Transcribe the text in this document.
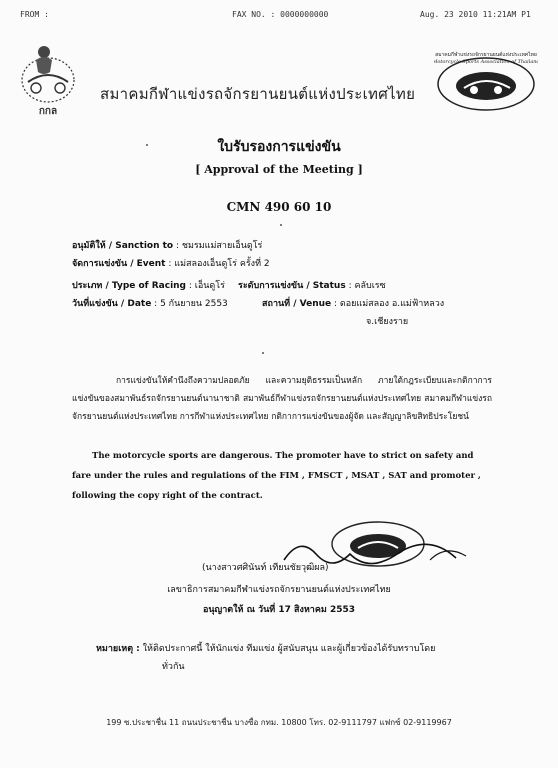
FROM :	FAX NO. : 0000000000	Aug. 23 2010 11:21AM P1
กกล
สมาคมกีฬาแข่งรถจักรยานยนต์แห่งประเทศไทย
Motorcycle Sports Association of Thailand
สมาคมกีฬาแข่งรถจักรยานยนต์แห่งประเทศไทย
ใบรับรองการแข่งขัน
[ Approval of the Meeting ]
CMN 490 60 10
อนุมัติให้ / Sanction to : ชมรมแม่สายเอ็นดูโร่
จัดการแข่งขัน / Event : แม่สลองเอ็นดูโร่ ครั้งที่ 2
ประเภท / Type of Racing : เอ็นดูโร่ ระดับการแข่งขัน / Status : คลับเรซ
วันที่แข่งขัน / Date : 5 กันยายน 2553	สถานที่ / Venue : ดอยแม่สลอง อ.แม่ฟ้าหลวง
จ.เชียงราย
การแข่งขันให้คำนึงถึงความปลอดภัย และความยุติธรรมเป็นหลัก ภายใต้กฎระเบียบและกติกาการแข่งขันของสมาพันธ์รถจักรยานยนต์นานาชาติ สมาพันธ์กีฬาแข่งรถจักรยานยนต์แห่งประเทศไทย สมาคมกีฬาแข่งรถจักรยานยนต์แห่งประเทศไทย การกีฬาแห่งประเทศไทย กติกาการแข่งขันของผู้จัด และสัญญาลิขสิทธิประโยชน์
The motorcycle sports are dangerous. The promoter have to strict on safety and fare under the rules and regulations of the FIM , FMSCT , MSAT , SAT and promoter , following the copy right of the contract.
(นางสาวศศินันท์ เทียนชัยวุฒิผล)
เลขาธิการสมาคมกีฬาแข่งรถจักรยานยนต์แห่งประเทศไทย
อนุญาตให้ ณ วันที่ 17 สิงหาคม 2553
หมายเหตุ : ให้ติดประกาศนี้ ให้นักแข่ง ทีมแข่ง ผู้สนับสนุน และผู้เกี่ยวข้องได้รับทราบโดย
ทั่วกัน
199 ซ.ประชาชื่น 11 ถนนประชาชื่น บางซื่อ กทม. 10800 โทร. 02-9111797 แฟกซ์ 02-9119967
